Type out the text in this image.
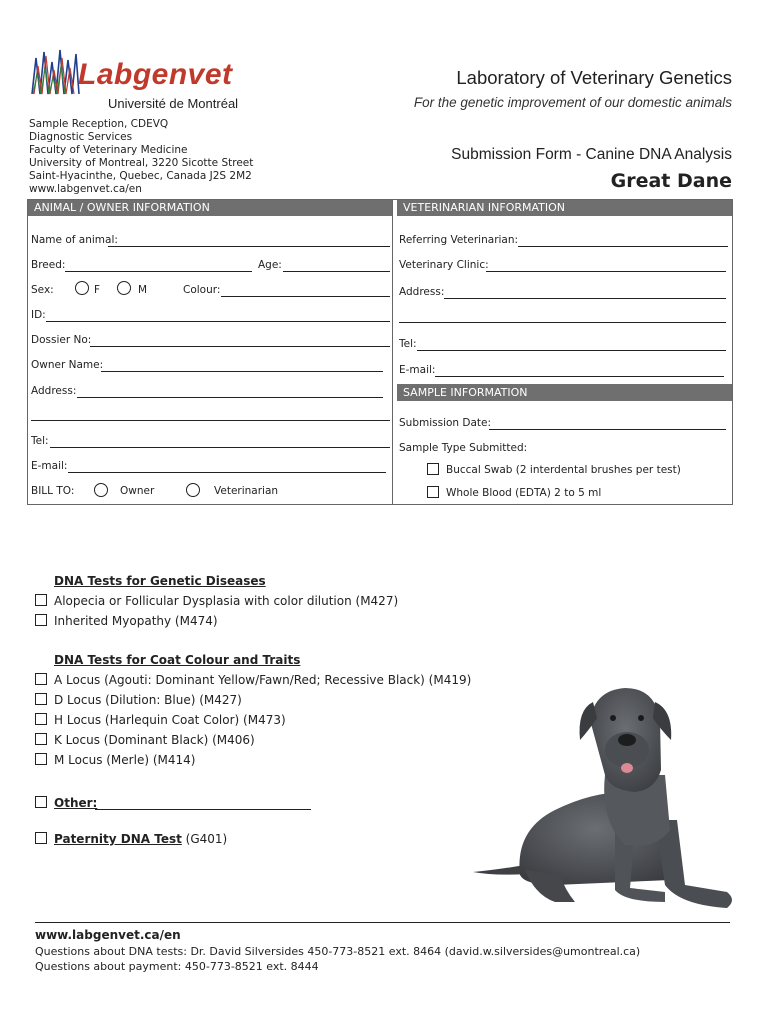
Labgenvet
Université de Montréal
Laboratory of Veterinary Genetics
For the genetic improvement of our domestic animals
Sample Reception, CDEVQ
Diagnostic Services
Faculty of Veterinary Medicine
University of Montreal, 3220 Sicotte Street
Saint-Hyacinthe, Quebec, Canada J2S 2M2
www.labgenvet.ca/en
Submission Form - Canine DNA Analysis
Great Dane
ANIMAL / OWNER INFORMATION
Name of animal:
Breed:	Age:
Sex:	F	M	Colour:
ID:
Dossier No:
Owner Name:
Address:
Tel:
E-mail:
BILL TO:	Owner	Veterinarian
VETERINARIAN INFORMATION
Referring Veterinarian:
Veterinary Clinic:
Address:
Tel:
E-mail:
SAMPLE INFORMATION
Submission Date:
Sample Type Submitted:
Buccal Swab (2 interdental brushes per test)
Whole Blood (EDTA) 2 to 5 ml
DNA Tests for Genetic Diseases
Alopecia or Follicular Dysplasia with color dilution (M427)
Inherited Myopathy (M474)
DNA Tests for Coat Colour and Traits
A Locus (Agouti: Dominant Yellow/Fawn/Red; Recessive Black) (M419)
D Locus (Dilution: Blue) (M427)
H Locus (Harlequin Coat Color) (M473)
K Locus (Dominant Black) (M406)
M Locus (Merle) (M414)
Other:
Paternity DNA Test (G401)
www.labgenvet.ca/en
Questions about DNA tests: Dr. David Silversides 450-773-8521 ext. 8464 (david.w.silversides@umontreal.ca)
Questions about payment: 450-773-8521 ext. 8444
